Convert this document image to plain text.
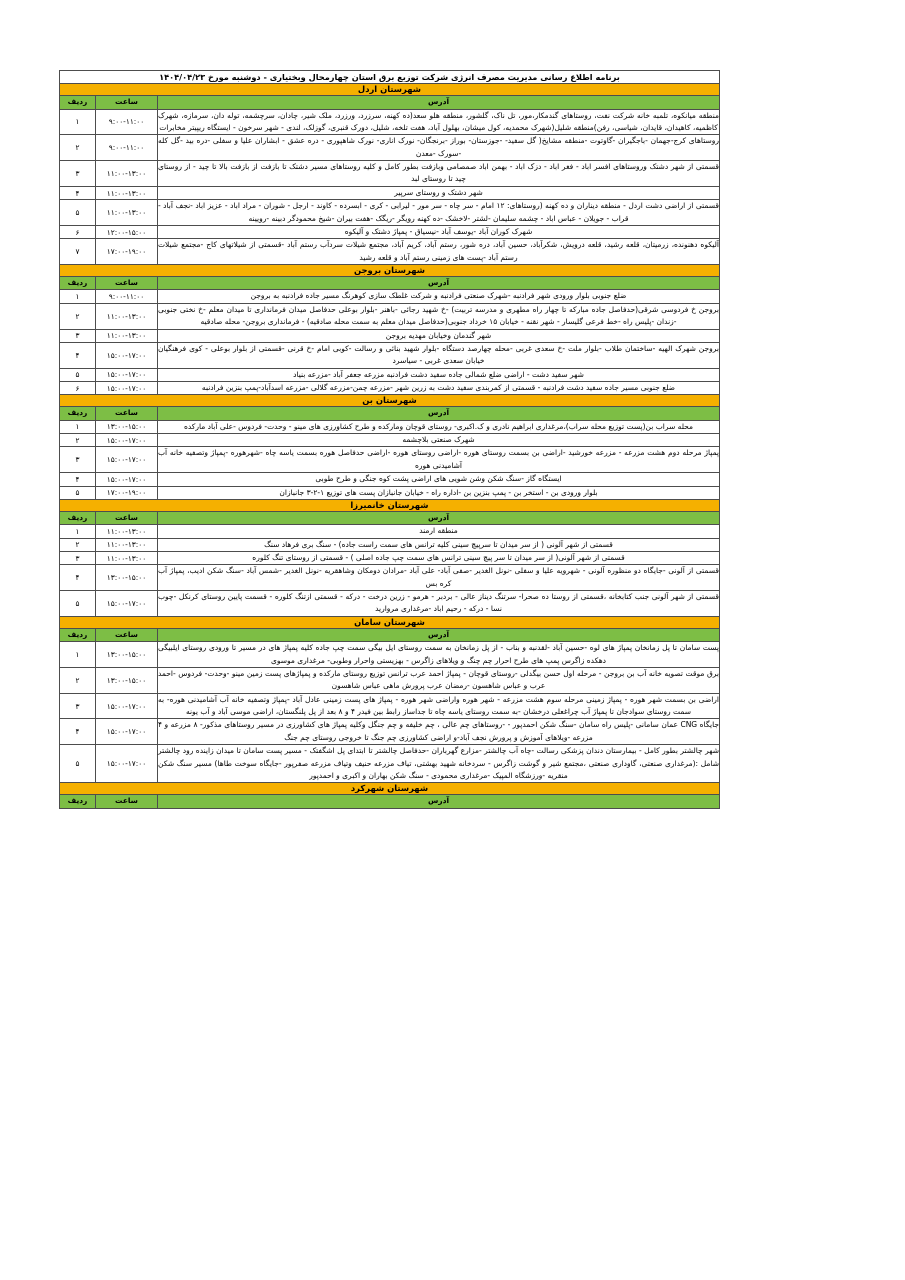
برنامه اطلاع رسانی مدیریت مصرف انرژی شرکت توزیع برق استان چهارمحال وبختیاری - دوشنبه مورخ ۱۴۰۴/۰۴/۲۳		
شهرستان اردل		
آدرس	ساعت	ردیف
منطقه میانکوه، تلمبه خانه شرکت نفت، روستاهای گندمکار،مور، تل ناک، گلشور، منطقه هلو سعد(ده کهنه، سرزرد، ورزرد، ملک شیر، چادان، سرچشمه، توله دان، سرمازه، شهرک کاظمیه، کاهیدان، قایدان، شیاسی، رفن)منطقه شلیل(شهرک محمدیه، کول میشان، بهلول آباد، هفت تلخه، شلیل، دورک قنبری، گوزلک، لندی - شهر سرخون - ایستگاه ریپیتر مخابرات	۹:۰۰-۱۱:۰۰	۱
روستاهای کرج-جهمان -باجگیران -گاوتوت -منطقه مشایخ( گل سفید- -جوزستان- بوراز -برنجگان- نورک اناری- نورک شاهپوری - دره عشق - ابشاران علیا و سفلی -دره بید -گل کله -سورک -معدن	۹:۰۰-۱۱:۰۰	۲
قسمتی از شهر دشتک وروستاهای افسر اباد - فغر اباد - دزک اباد - بهمن اباد صمصامی وبازفت بطور کامل و کلیه روستاهای مسیر دشتک تا بازفت از بازفت بالا تا چید - از روستای چید تا روستای لبد	۱۱:۰۰-۱۳:۰۰	۳
شهر دشتک و روستای سرپیر	۱۱:۰۰-۱۳:۰۰	۴
قسمتی از اراضی دشت اردل - منطقه دیناران و ده کهنه (روستاهای: ۱۲ امام - سر چاه - سر مور - لیرابی - کری - ابسرده - کاوند - ارجل - شوران - مراد اباد - عزیز اباد -نجف آباد - قراب - جویلان - عباس اباد - چشمه سلیمان -لشتر -لاخشک -ده کهنه رویگر -ریگک -هفت بیران -شیخ محمودگر دبینه -رویینه	۱۱:۰۰-۱۳:۰۰	۵
شهرک کوران آباد -یوسف آباد -نیسیاق - پمپاژ دشتک و آلیکوه	۱۲:۰۰-۱۵:۰۰	۶
آلیکوه دهنونده، زرمیتان، قلعه رشید، قلعه درویش، شکرآباد، حسین آباد، دره شور، رستم آباد، کریم آباد، مجتمع شیلات سردآب رستم آباد -قسمتی از شیلاتهای کاج -مجتمع شیلات رستم آباد -پست های زمینی رستم آباد و قلعه رشید	۱۷:۰۰-۱۹:۰۰	۷
شهرستان بروجن		
آدرس	ساعت	ردیف
ضلع جنوبی بلوار ورودی شهر فرادنبه -شهرک صنعتی فرادنبه و شرکت غلطک سازی کوهرنگ مسیر جاده فرادنبه به بروجن	۹:۰۰-۱۱:۰۰	۱
بروجن خ فردوسی شرقی(حدفاصل جاده مبارکه تا چهار راه مطهری و مدرسه تربیت) -خ شهید رجائی -باهنر -بلوار بوعلی حدفاصل میدان فرمانداری تا میدان معلم -خ نختی جنوبی -زندان -پلیس راه -خط فرعی گلیسار - شهر نقنه - خیابان ۱۵ خرداد جنوبی(حدفاصل میدان معلم به سمت محله صادقیه) - فرمانداری بروجن- محله صادقیه	۱۱:۰۰-۱۳:۰۰	۲
شهر گندمان وخیابان مهدیه بروجن	۱۱:۰۰-۱۳:۰۰	۳
بروجن شهرک الهیه -ساختمان طلاب -بلوار ملت -خ سعدی غربی -محله چهارصد دستگاه -بلوار شهید بنائی و رسالت -کوبی امام -خ قرنی -قسمتی از بلوار بوعلی - کوی فرهنگیان خیابان سعدی غربی - سیاسرد	۱۵:۰۰-۱۷:۰۰	۴
شهر سفید دشت - اراضی ضلع شمالی جاده سفید دشت فرادنبه مزرعه جعفر آباد -مزرعه بنیاد	۱۵:۰۰-۱۷:۰۰	۵
ضلع جنوبی مسیر جاده سفید دشت فرادنبه - قسمتی از کمربندی سفید دشت به زرین شهر -مزرعه چمن-مزرعه گلالی -مزرعه اسدآباد-پمپ بنزین فرادنبه	۱۵:۰۰-۱۷:۰۰	۶
شهرستان بن		
آدرس	ساعت	ردیف
محله سراب بن(پست توزیع محله سراب)،مرغداری ابراهیم نادری و ک.اکبری- روستای قوچان ومارکده و طرح کشاورزی های مینو - وحدت- فردوس -علی آباد مارکده	۱۳:۰۰-۱۵:۰۰	۱
شهرک صنعتی بلاچشمه	۱۵:۰۰-۱۷:۰۰	۲
پمپاژ مرحله دوم هشت مزرعه - مزرعه خورشید -اراضی بن بسمت روستای هوره -اراضی روستای هوره -اراضی حدفاصل هوره بسمت یاسه چاه -شهرهوره -پمپاژ وتصفیه خانه آب آشامیدنی هوره	۱۵:۰۰-۱۷:۰۰	۳
ایستگاه گاز -سنگ شکن وشن شویی های اراضی پشت کوه جنگی و طرح طوبی	۱۵:۰۰-۱۷:۰۰	۴
بلوار ورودی بن - استخر بن - پمپ بنزین بن -اداره راه - خیابان جانبازان پست های توزیع ۱-۲-۳ جانبازان	۱۷:۰۰-۱۹:۰۰	۵
شهرستان خانمیرزا		
آدرس	ساعت	ردیف
منطقه ارمند	۱۱:۰۰-۱۳:۰۰	۱
قسمتی از شهر آلونی ( از سر میدان تا سرپیچ سینی کلیه ترانس های سمت راست جاده) - سنگ بری فرهاد سنگ	۱۱:۰۰-۱۳:۰۰	۲
قسمتی از شهر آلونی( از سر میدان تا سر پیچ سینی ترانس های سمت چپ جاده اصلی ) - قسمتی از روستای تنگ کلوره	۱۱:۰۰-۱۳:۰۰	۳
قسمتی از آلونی -جایگاه دو منظوره آلونی - شهرویه علیا و سفلی -نونل الغدیر -صفی آباد- علی آباد -مرادان دومکان وشاهقریه -نونل الغدیر -شمس آباد -سنگ شکن ادیب، پمپاژ آب کره بس	۱۳:۰۰-۱۵:۰۰	۴
قسمتی از شهر آلونی جنب کتابخانه ،قسمتی از روستا ده صحرا- سرتنگ دیناز عالی - بردبر - هرمو - زرین درخت - درکه - قسمتی ازتنگ کلوره - قسمت پایین روستای کرنکل -چوب نسا - درکه - رحیم اباد -مرغداری مروارید	۱۵:۰۰-۱۷:۰۰	۵
شهرستان سامان		
آدرس	ساعت	ردیف
پست سامان تا پل زمانخان پمپاژ های لوه -حسین آباد -لقدنبه و بناب - از پل زمانخان به سمت روستای ایل بیگی سمت چپ جاده کلیه پمپاژ های در مسیر تا ورودی روستای ایلبیگی دهکده زاگرس پمپ های طرح احرار چم چنگ و ویلاهای زاگرس - بهزیستی واحرار وطوبی- مرغداری موسوی	۱۳:۰۰-۱۵:۰۰	۱
برق موقت تصویه خانه آب بن بروجن - مرحله اول حسن بیگدلی -روستای قوچان - پمپاژ احمد عرب ترانس توزیع روستای مارکده و پمپاژهای پست زمین مینو -وحدت- فردوس -احمد عرب و عباس شاهسون -رمضان عرب پرورش ماهی عباس شاهسون	۱۳:۰۰-۱۵:۰۰	۲
اراضی بن بسمت شهر هوره - پمپاژ زمینی مرحله سوم هشت مزرعه - شهر هوره واراضی شهر هوره - پمپاژ های پست زمینی عادل آباد -پمپاژ وتصفیه خانه آب آشامیدنی هوره- به سمت روستای سوادجان تا پمپاژ آب چراغعلی درخشان -به سمت روستای یاسه چاه تا جداساز رابط بین فیدر ۴ و ۸ بعد از پل پلنگستان، اراضی موسی آباد و آب یونه	۱۵:۰۰-۱۷:۰۰	۳
جایگاه CNG عمان سامانی -پلیس راه سامان -سنگ شکن احمدپور - -روستاهای چم عالی ، چم خلیفه و چم جنگل وکلیه پمپاژ های کشاورزی در مسیر روستاهای مذکور- ۸ مزرعه و ۴ مزرعه -ویلاهای آموزش و پرورش نجف آباد-و اراضی کشاورزی چم جنگ تا خروجی روستای چم جنگ	۱۵:۰۰-۱۷:۰۰	۴
شهر چالشتر بطور کامل - بیمارستان دندان پزشکی رسالت -چاه آب چالشتر -مزارع گهرباران -حدفاصل چالشتر تا ابتدای پل اشگفتک - مسیر پست سامان تا میدان زاینده رود چالشتر شامل :(مرغداری صنعتی، گاوداری صنعتی ،مجتمع شیر و گوشت زاگرس - سردخانه شهید بهشتی، تیاف مزرعه حنیف وتیاف مزرعه صفرپور -جایگاه سوخت طاها) مسیر سنگ شکن منقریه -ورزشگاه المپیک -مرغداری محمودی - سنگ شکن بهاران و اکبری و احمدپور	۱۵:۰۰-۱۷:۰۰	۵
شهرستان شهرکرد		
آدرس	ساعت	ردیف
